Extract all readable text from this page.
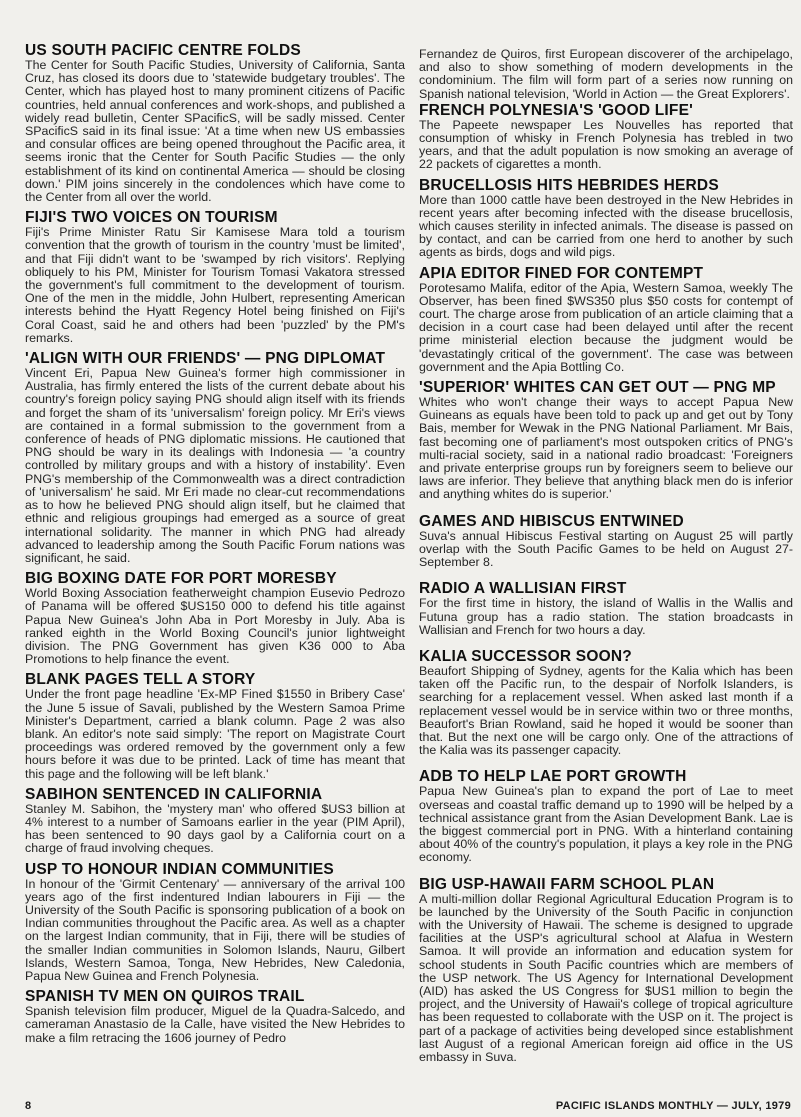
US SOUTH PACIFIC CENTRE FOLDS

The Center for South Pacific Studies, University of California, Santa Cruz, has closed its doors due to 'statewide budgetary troubles'. The Center, which has played host to many prominent citizens of Pacific countries, held annual conferences and work-shops, and published a widely read bulletin, Center SPacificS, will be sadly missed. Center SPacificS said in its final issue: 'At a time when new US embassies and consular offices are being opened throughout the Pacific area, it seems ironic that the Center for South Pacific Studies — the only establishment of its kind on continental America — should be closing down.' PIM joins sincerely in the condolences which have come to the Center from all over the world.

FIJI'S TWO VOICES ON TOURISM

Fiji's Prime Minister Ratu Sir Kamisese Mara told a tourism convention that the growth of tourism in the country 'must be limited', and that Fiji didn't want to be 'swamped by rich visitors'. Replying obliquely to his PM, Minister for Tourism Tomasi Vakatora stressed the government's full commitment to the development of tourism. One of the men in the middle, John Hulbert, representing American interests behind the Hyatt Regency Hotel being finished on Fiji's Coral Coast, said he and others had been 'puzzled' by the PM's remarks.

'ALIGN WITH OUR FRIENDS' — PNG DIPLOMAT

Vincent Eri, Papua New Guinea's former high commissioner in Australia, has firmly entered the lists of the current debate about his country's foreign policy saying PNG should align itself with its friends and forget the sham of its 'universalism' foreign policy. Mr Eri's views are contained in a formal submission to the government from a conference of heads of PNG diplomatic missions. He cautioned that PNG should be wary in its dealings with Indonesia — 'a country controlled by military groups and with a history of instability'. Even PNG's membership of the Commonwealth was a direct contradiction of 'universalism' he said. Mr Eri made no clear-cut recommendations as to how he believed PNG should align itself, but he claimed that ethnic and religious groupings had emerged as a source of great international solidarity. The manner in which PNG had already advanced to leadership among the South Pacific Forum nations was significant, he said.

BIG BOXING DATE FOR PORT MORESBY

World Boxing Association featherweight champion Eusevio Pedrozo of Panama will be offered $US150 000 to defend his title against Papua New Guinea's John Aba in Port Moresby in July. Aba is ranked eighth in the World Boxing Council's junior lightweight division. The PNG Government has given K36 000 to Aba Promotions to help finance the event.

BLANK PAGES TELL A STORY

Under the front page headline 'Ex-MP Fined $1550 in Bribery Case' the June 5 issue of Savali, published by the Western Samoa Prime Minister's Department, carried a blank column. Page 2 was also blank. An editor's note said simply: 'The report on Magistrate Court proceedings was ordered removed by the government only a few hours before it was due to be printed. Lack of time has meant that this page and the following will be left blank.'

SABIHON SENTENCED IN CALIFORNIA

Stanley M. Sabihon, the 'mystery man' who offered $US3 billion at 4% interest to a number of Samoans earlier in the year (PIM April), has been sentenced to 90 days gaol by a California court on a charge of fraud involving cheques.

USP TO HONOUR INDIAN COMMUNITIES

In honour of the 'Girmit Centenary' — anniversary of the arrival 100 years ago of the first indentured Indian labourers in Fiji — the University of the South Pacific is sponsoring publication of a book on Indian communities throughout the Pacific area. As well as a chapter on the largest Indian community, that in Fiji, there will be studies of the smaller Indian communities in Solomon Islands, Nauru, Gilbert Islands, Western Samoa, Tonga, New Hebrides, New Caledonia, Papua New Guinea and French Polynesia.

SPANISH TV MEN ON QUIROS TRAIL

Spanish television film producer, Miguel de la Quadra-Salcedo, and cameraman Anastasio de la Calle, have visited the New Hebrides to make a film retracing the 1606 journey of Pedro

Fernandez de Quiros, first European discoverer of the archipelago, and also to show something of modern developments in the condominium. The film will form part of a series now running on Spanish national television, 'World in Action — the Great Explorers'.

FRENCH POLYNESIA'S 'GOOD LIFE'

The Papeete newspaper Les Nouvelles has reported that consumption of whisky in French Polynesia has trebled in two years, and that the adult population is now smoking an average of 22 packets of cigarettes a month.

BRUCELLOSIS HITS HEBRIDES HERDS

More than 1000 cattle have been destroyed in the New Hebrides in recent years after becoming infected with the disease brucellosis, which causes sterility in infected animals. The disease is passed on by contact, and can be carried from one herd to another by such agents as birds, dogs and wild pigs.

APIA EDITOR FINED FOR CONTEMPT

Porotesamo Malifa, editor of the Apia, Western Samoa, weekly The Observer, has been fined $WS350 plus $50 costs for contempt of court. The charge arose from publication of an article claiming that a decision in a court case had been delayed until after the recent prime ministerial election because the judgment would be 'devastatingly critical of the government'. The case was between government and the Apia Bottling Co.

'SUPERIOR' WHITES CAN GET OUT — PNG MP

Whites who won't change their ways to accept Papua New Guineans as equals have been told to pack up and get out by Tony Bais, member for Wewak in the PNG National Parliament. Mr Bais, fast becoming one of parliament's most outspoken critics of PNG's multi-racial society, said in a national radio broadcast: 'Foreigners and private enterprise groups run by foreigners seem to believe our laws are inferior. They believe that anything black men do is inferior and anything whites do is superior.'

GAMES AND HIBISCUS ENTWINED

Suva's annual Hibiscus Festival starting on August 25 will partly overlap with the South Pacific Games to be held on August 27-September 8.

RADIO A WALLISIAN FIRST

For the first time in history, the island of Wallis in the Wallis and Futuna group has a radio station. The station broadcasts in Wallisian and French for two hours a day.

KALIA SUCCESSOR SOON?

Beaufort Shipping of Sydney, agents for the Kalia which has been taken off the Pacific run, to the despair of Norfolk Islanders, is searching for a replacement vessel. When asked last month if a replacement vessel would be in service within two or three months, Beaufort's Brian Rowland, said he hoped it would be sooner than that. But the next one will be cargo only. One of the attractions of the Kalia was its passenger capacity.

ADB TO HELP LAE PORT GROWTH

Papua New Guinea's plan to expand the port of Lae to meet overseas and coastal traffic demand up to 1990 will be helped by a technical assistance grant from the Asian Development Bank. Lae is the biggest commercial port in PNG. With a hinterland containing about 40% of the country's population, it plays a key role in the PNG economy.

BIG USP-HAWAII FARM SCHOOL PLAN

A multi-million dollar Regional Agricultural Education Program is to be launched by the University of the South Pacific in conjunction with the University of Hawaii. The scheme is designed to upgrade facilities at the USP's agricultural school at Alafua in Western Samoa. It will provide an information and education system for school students in South Pacific countries which are members of the USP network. The US Agency for International Development (AID) has asked the US Congress for $US1 million to begin the project, and the University of Hawaii's college of tropical agriculture has been requested to collaborate with the USP on it. The project is part of a package of activities being developed since establishment last August of a regional American foreign aid office in the US embassy in Suva.

8	PACIFIC ISLANDS MONTHLY — JULY, 1979
